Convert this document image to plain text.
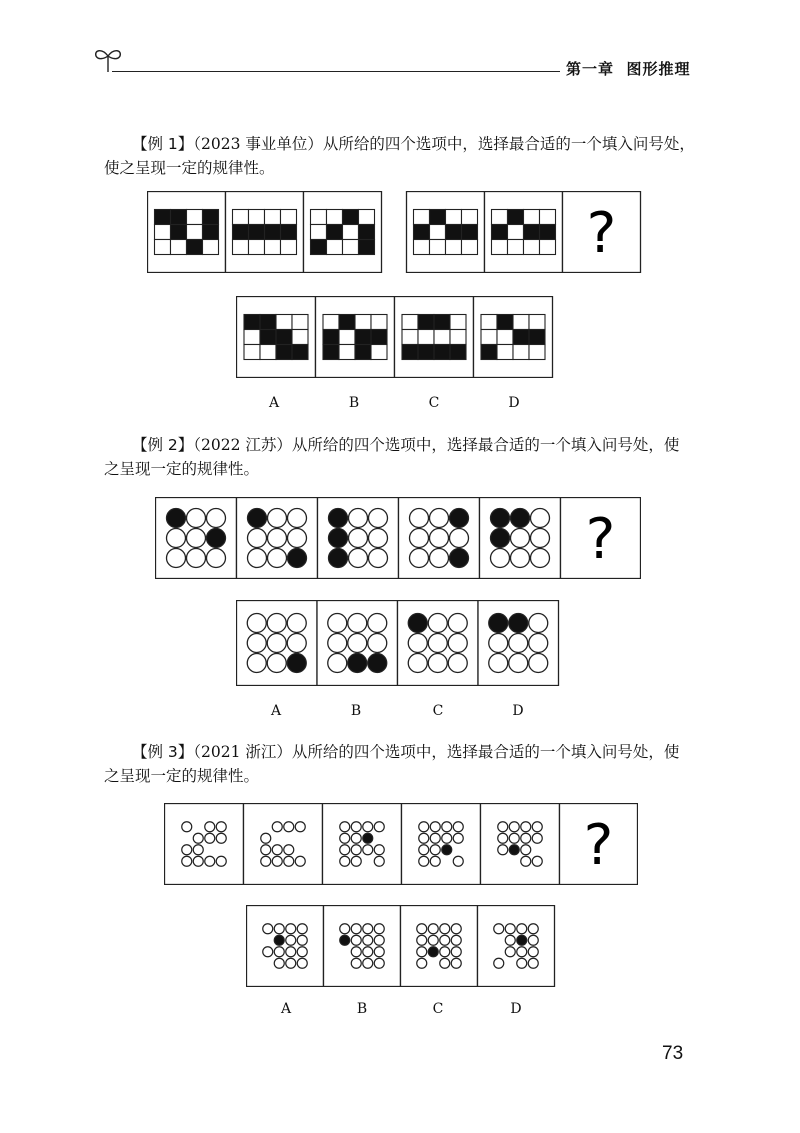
第一章 图形推理
【例 1】（2023 事业单位）从所给的四个选项中，选择最合适的一个填入问号处，
使之呈现一定的规律性。
?
A	B	C	D
【例 2】（2022 江苏）从所给的四个选项中，选择最合适的一个填入问号处，使
之呈现一定的规律性。
?
A	B	C	D
【例 3】（2021 浙江）从所给的四个选项中，选择最合适的一个填入问号处，使
之呈现一定的规律性。
?
A	B	C	D
73
